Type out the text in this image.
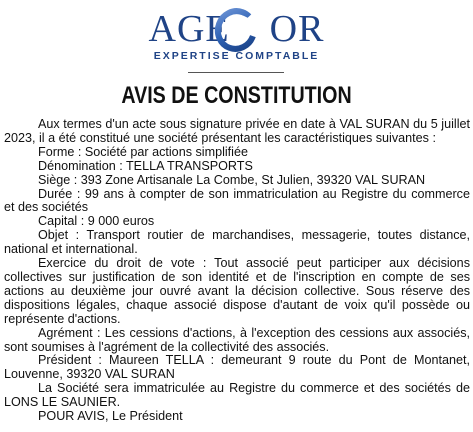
AGE OR
EXPERTISE COMPTABLE
AVIS DE CONSTITUTION

Aux termes d'un acte sous signature privée en date à VAL SURAN du 5 juillet 2023, il a été constitué une société présentant les caractéristiques suivantes :

Forme : Société par actions simplifiée

Dénomination : TELLA TRANSPORTS

Siège : 393 Zone Artisanale La Combe, St Julien, 39320 VAL SURAN

Durée : 99 ans à compter de son immatriculation au Registre du commerce et des sociétés

Capital : 9 000 euros

Objet : Transport routier de marchandises, messagerie, toutes distance, national et international.

Exercice du droit de vote : Tout associé peut participer aux décisions collectives sur justification de son identité et de l'inscription en compte de ses actions au deuxième jour ouvré avant la décision collective. Sous réserve des dispositions légales, chaque associé dispose d'autant de voix qu'il possède ou représente d'actions.

Agrément : Les cessions d'actions, à l'exception des cessions aux associés, sont soumises à l'agrément de la collectivité des associés.

Président : Maureen TELLA : demeurant 9 route du Pont de Montanet, Louvenne, 39320 VAL SURAN

La Société sera immatriculée au Registre du commerce et des sociétés de LONS LE SAUNIER.

POUR AVIS, Le Président
